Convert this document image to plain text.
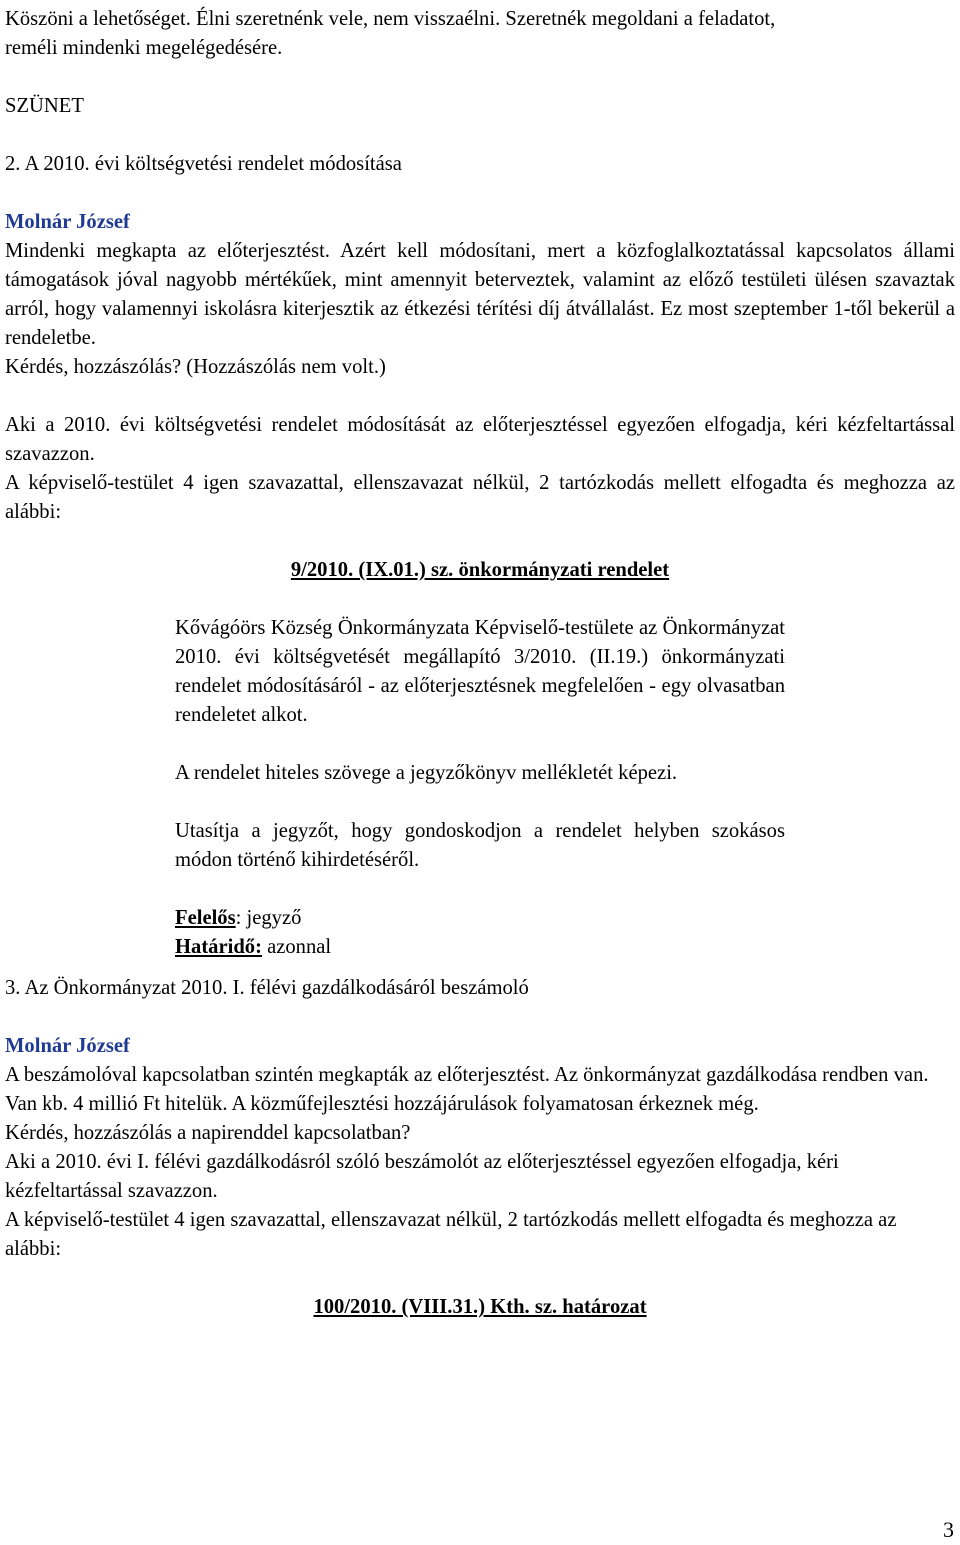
Köszöni a lehetőséget. Élni szeretnénk vele, nem visszaélni. Szeretnék megoldani a feladatot,

reméli mindenki megelégedésére.

SZÜNET

2. A 2010. évi költségvetési rendelet módosítása

Molnár József

Mindenki megkapta az előterjesztést. Azért kell módosítani, mert a közfoglalkoztatással kapcsolatos állami támogatások jóval nagyobb mértékűek, mint amennyit beterveztek, valamint az előző testületi ülésen szavaztak arról, hogy valamennyi iskolásra kiterjesztik az étkezési térítési díj átvállalást. Ez most szeptember 1-től bekerül a rendeletbe.

Kérdés, hozzászólás? (Hozzászólás nem volt.)

Aki a 2010. évi költségvetési rendelet módosítását az előterjesztéssel egyezően elfogadja, kéri kézfeltartással szavazzon.

A képviselő-testület 4 igen szavazattal, ellenszavazat nélkül, 2 tartózkodás mellett elfogadta és meghozza az alábbi:

9/2010. (IX.01.) sz. önkormányzati rendelet

Kővágóörs Község Önkormányzata Képviselő-testülete az Önkormányzat 2010. évi költségvetését megállapító 3/2010. (II.19.) önkormányzati rendelet módosításáról - az előterjesztésnek megfelelően - egy olvasatban rendeletet alkot.

A rendelet hiteles szövege a jegyzőkönyv mellékletét képezi.

Utasítja a jegyzőt, hogy gondoskodjon a rendelet helyben szokásos módon történő kihirdetéséről.

Felelős: jegyző

Határidő: azonnal

3. Az Önkormányzat 2010. I. félévi gazdálkodásáról beszámoló

Molnár József

A beszámolóval kapcsolatban szintén megkapták az előterjesztést. Az önkormányzat gazdálkodása rendben van. Van kb. 4 millió Ft hitelük. A közműfejlesztési hozzájárulások folyamatosan érkeznek még.

Kérdés, hozzászólás a napirenddel kapcsolatban?

Aki a 2010. évi I. félévi gazdálkodásról szóló beszámolót az előterjesztéssel egyezően elfogadja, kéri kézfeltartással szavazzon.

A képviselő-testület 4 igen szavazattal, ellenszavazat nélkül, 2 tartózkodás mellett elfogadta és meghozza az alábbi:

100/2010. (VIII.31.) Kth. sz. határozat

3
